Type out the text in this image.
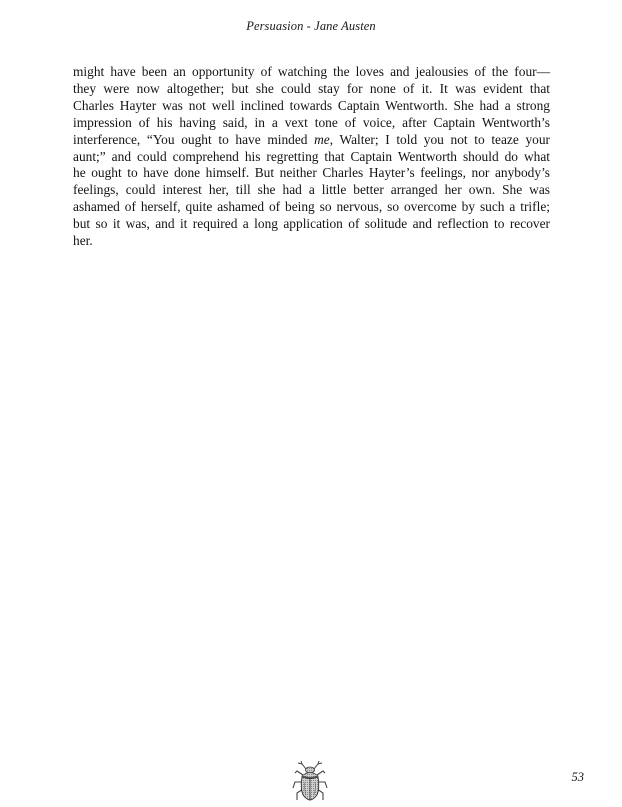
Persuasion - Jane Austen

might have been an opportunity of watching the loves and jealousies of the four—
they were now altogether; but she could stay for none of it. It was evident that
Charles Hayter was not well inclined towards Captain Wentworth. She had a strong
impression of his having said, in a vext tone of voice, after Captain Wentworth’s
interference, “You ought to have minded me, Walter; I told you not to teaze your
aunt;” and could comprehend his regretting that Captain Wentworth should do what
he ought to have done himself. But neither Charles Hayter’s feelings, nor anybody’s
feelings, could interest her, till she had a little better arranged her own. She was
ashamed of herself, quite ashamed of being so nervous, so overcome by such a trifle;
but so it was, and it required a long application of solitude and reflection to recover
her.

53
